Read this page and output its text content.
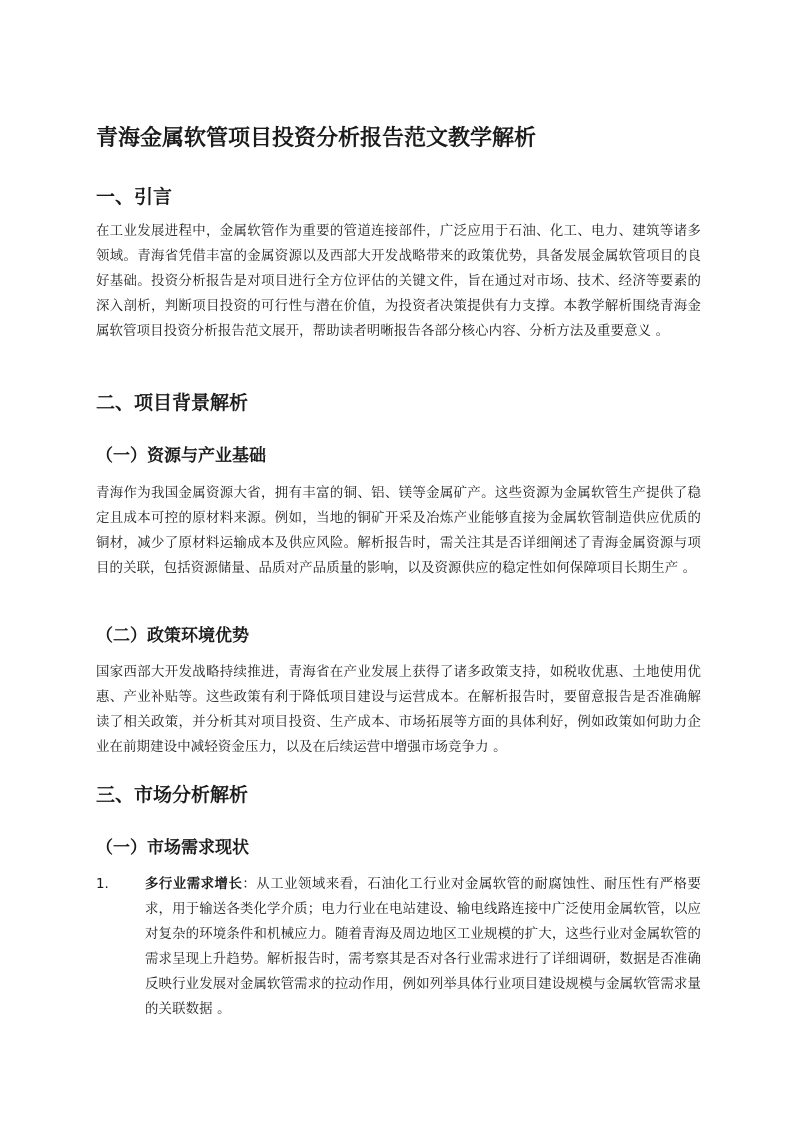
青海金属软管项目投资分析报告范文教学解析
一、引言

在工业发展进程中，金属软管作为重要的管道连接部件，广泛应用于石油、化工、电力、建筑等诸多领域。青海省凭借丰富的金属资源以及西部大开发战略带来的政策优势，具备发展金属软管项目的良好基础。投资分析报告是对项目进行全方位评估的关键文件，旨在通过对市场、技术、经济等要素的深入剖析，判断项目投资的可行性与潜在价值，为投资者决策提供有力支撑。本教学解析围绕青海金属软管项目投资分析报告范文展开，帮助读者明晰报告各部分核心内容、分析方法及重要意义 。

二、项目背景解析
（一）资源与产业基础

青海作为我国金属资源大省，拥有丰富的铜、铝、镁等金属矿产。这些资源为金属软管生产提供了稳定且成本可控的原材料来源。例如，当地的铜矿开采及冶炼产业能够直接为金属软管制造供应优质的铜材，减少了原材料运输成本及供应风险。解析报告时，需关注其是否详细阐述了青海金属资源与项目的关联，包括资源储量、品质对产品质量的影响，以及资源供应的稳定性如何保障项目长期生产 。

（二）政策环境优势

国家西部大开发战略持续推进，青海省在产业发展上获得了诸多政策支持，如税收优惠、土地使用优惠、产业补贴等。这些政策有利于降低项目建设与运营成本。在解析报告时，要留意报告是否准确解读了相关政策，并分析其对项目投资、生产成本、市场拓展等方面的具体利好，例如政策如何助力企业在前期建设中减轻资金压力，以及在后续运营中增强市场竞争力 。

三、市场分析解析
（一）市场需求现状
1.	多行业需求增长：从工业领域来看，石油化工行业对金属软管的耐腐蚀性、耐压性有严格要求，用于输送各类化学介质；电力行业在电站建设、输电线路连接中广泛使用金属软管，以应对复杂的环境条件和机械应力。随着青海及周边地区工业规模的扩大，这些行业对金属软管的需求呈现上升趋势。解析报告时，需考察其是否对各行业需求进行了详细调研，数据是否准确反映行业发展对金属软管需求的拉动作用，例如列举具体行业项目建设规模与金属软管需求量的关联数据 。
